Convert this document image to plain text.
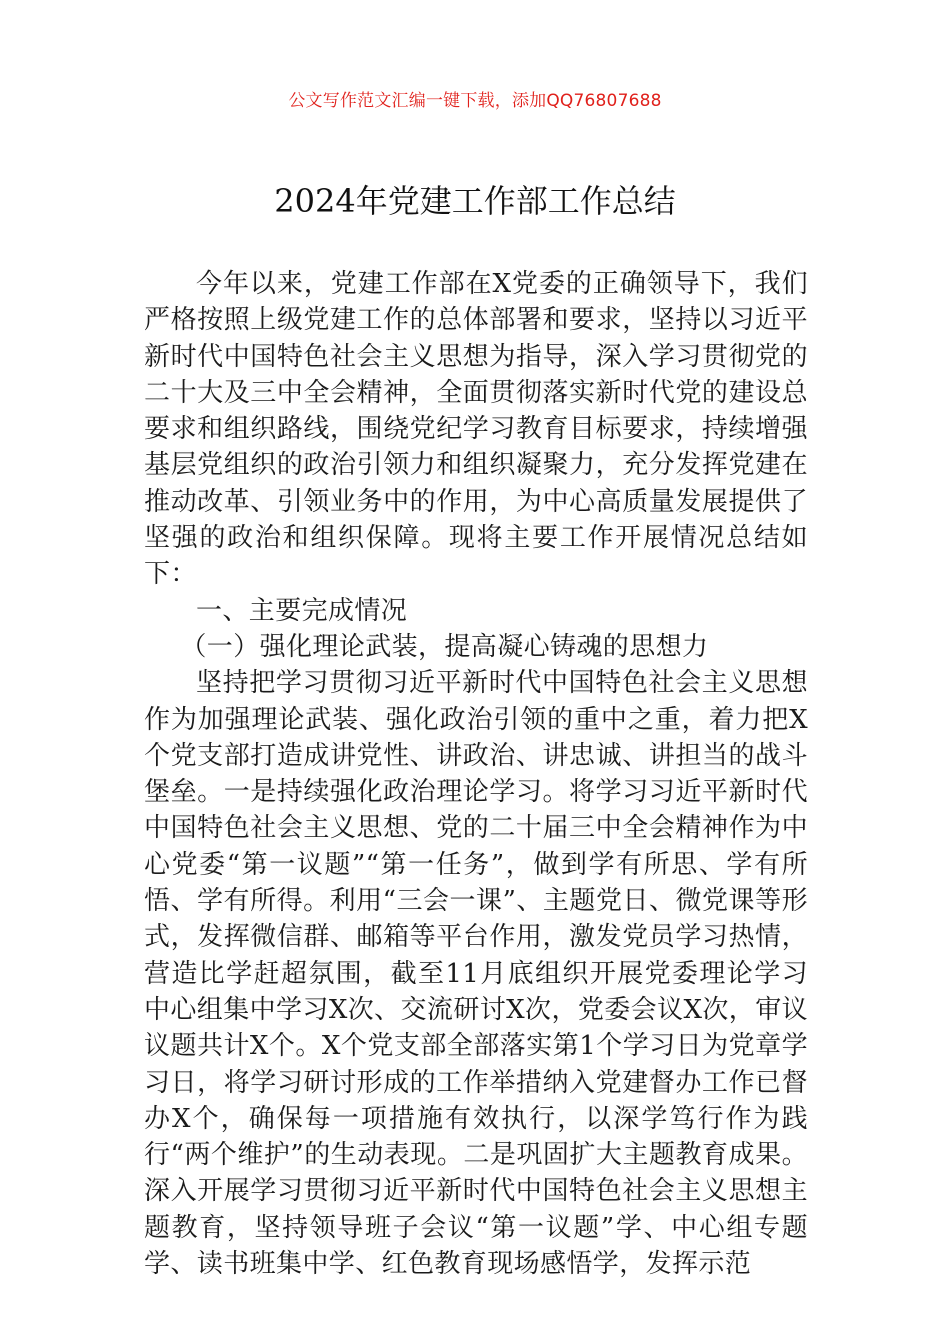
公文写作范文汇编一键下载，添加QQ76807688
2024年党建工作部工作总结

今年以来，党建工作部在X党委的正确领导下，我们严格按照上级党建工作的总体部署和要求，坚持以习近平新时代中国特色社会主义思想为指导，深入学习贯彻党的二十大及三中全会精神，全面贯彻落实新时代党的建设总要求和组织路线，围绕党纪学习教育目标要求，持续增强基层党组织的政治引领力和组织凝聚力，充分发挥党建在推动改革、引领业务中的作用，为中心高质量发展提供了坚强的政治和组织保障。现将主要工作开展情况总结如下：

一、主要完成情况
（一）强化理论武装，提高凝心铸魂的思想力

坚持把学习贯彻习近平新时代中国特色社会主义思想作为加强理论武装、强化政治引领的重中之重，着力把X个党支部打造成讲党性、讲政治、讲忠诚、讲担当的战斗堡垒。一是持续强化政治理论学习。将学习习近平新时代中国特色社会主义思想、党的二十届三中全会精神作为中心党委“第一议题”“第一任务”，做到学有所思、学有所悟、学有所得。利用“三会一课”、主题党日、微党课等形式，发挥微信群、邮箱等平台作用，激发党员学习热情，营造比学赶超氛围，截至11月底组织开展党委理论学习中心组集中学习X次、交流研讨X次，党委会议X次，审议议题共计X个。X个党支部全部落实第1个学习日为党章学习日，将学习研讨形成的工作举措纳入党建督办工作已督办X个，确保每一项措施有效执行，以深学笃行作为践行“两个维护”的生动表现。二是巩固扩大主题教育成果。深入开展学习贯彻习近平新时代中国特色社会主义思想主题教育，坚持领导班子会议“第一议题”学、中心组专题学、读书班集中学、红色教育现场感悟学，发挥示范
